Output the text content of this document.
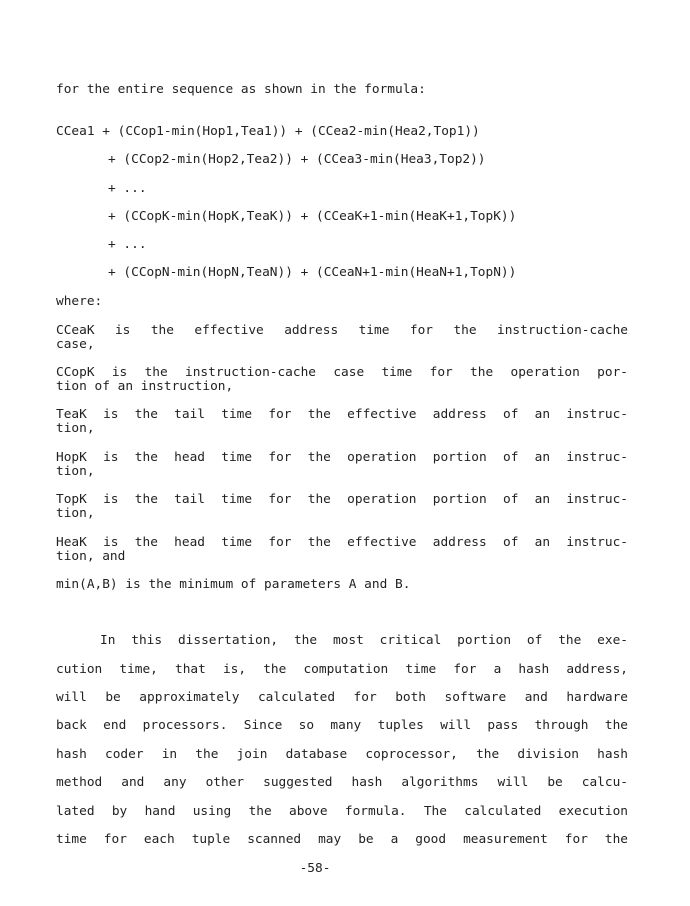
for the entire sequence as shown in the formula:
CCea1 + (CCop1-min(Hop1,Tea1)) + (CCea2-min(Hea2,Top1))
+ (CCop2-min(Hop2,Tea2)) + (CCea3-min(Hea3,Top2))
+ ...
+ (CCopK-min(HopK,TeaK)) + (CCeaK+1-min(HeaK+1,TopK))
+ ...
+ (CCopN-min(HopN,TeaN)) + (CCeaN+1-min(HeaN+1,TopN))
where:
CCeaK is the effective address time for the instruction-cache
case,
CCopK is the instruction-cache case time for the operation por-
tion of an instruction,
TeaK is the tail time for the effective address of an instruc-
tion,
HopK is the head time for the operation portion of an instruc-
tion,
TopK is the tail time for the operation portion of an instruc-
tion,
HeaK is the head time for the effective address of an instruc-
tion, and
min(A,B) is the minimum of parameters A and B.
In this dissertation, the most critical portion of the exe-
cution time, that is, the computation time for a hash address,
will be approximately calculated for both software and hardware
back end processors. Since so many tuples will pass through the
hash coder in the join database coprocessor, the division hash
method and any other suggested hash algorithms will be calcu-
lated by hand using the above formula. The calculated execution
time for each tuple scanned may be a good measurement for the
-58-
